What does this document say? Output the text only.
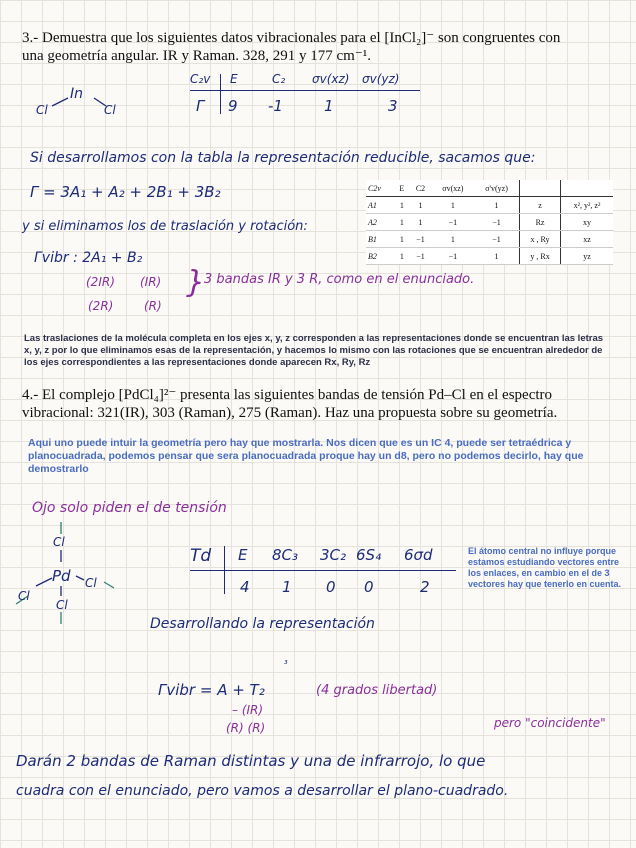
3.- Demuestra que los siguientes datos vibracionales para el [InCl₂]⁻ son congruentes con
una geometría angular. IR y Raman. 328, 291 y 177 cm⁻¹.
Cl
In
Cl
C₂v E	C₂ σv(xz) σv(yz)
Γ 9 -1	1	3
Si desarrollamos con la tabla la representación reducible, sacamos que:
Γ = 3A₁ + A₂ + 2B₁ + 3B₂
y si eliminamos los de traslación y rotación:
Γvibr : 2A₁ + B₂
(2IR) (IR)
(2R)	(R)
}
3 bandas IR y 3 R, como en el enunciado.
C2v	E	C2	σv(xz)	σ'v(yz)		
A1	1	1	1	1	z	x², y², z²
A2	1	1	−1	−1	Rz	xy
B1	1	−1	1	−1	x , Ry	xz
B2	1	−1	−1	1	y , Rx	yz
Las traslaciones de la molécula completa en los ejes x, y, z corresponden a las representaciones donde se encuentran las letras x, y, z por lo que eliminamos esas de la representación, y hacemos lo mismo con las rotaciones que se encuentran alrededor de los ejes correspondientes a las representaciones donde aparecen Rx, Ry, Rz
4.- El complejo [PdCl₄]²⁻ presenta las siguientes bandas de tensión Pd–Cl en el espectro
vibracional: 321(IR), 303 (Raman), 275 (Raman). Haz una propuesta sobre su geometría.
Aqui uno puede intuir la geometría pero hay que mostrarla. Nos dicen que es un IC 4, puede ser tetraédrica y planocuadrada, podemos pensar que sera planocuadrada proque hay un d8, pero no podemos decirlo, hay que demostrarlo
Ojo solo piden el de tensión
Cl
Pd
Cl
Cl
Cl
Td E 8C₃ 3C₂ 6S₄ 6σd
4 1 0 0	2
El átomo central no influye porque estamos estudiando vectores entre los enlaces, en cambio en el de 3 vectores hay que tenerlo en cuenta.
Desarrollando la representación
³
Γvibr = A + T₂	(4 grados libertad)
– (IR)
(R) (R)	pero "coincidente"
Darán 2 bandas de Raman distintas y una de infrarrojo, lo que
cuadra con el enunciado, pero vamos a desarrollar el plano-cuadrado.
